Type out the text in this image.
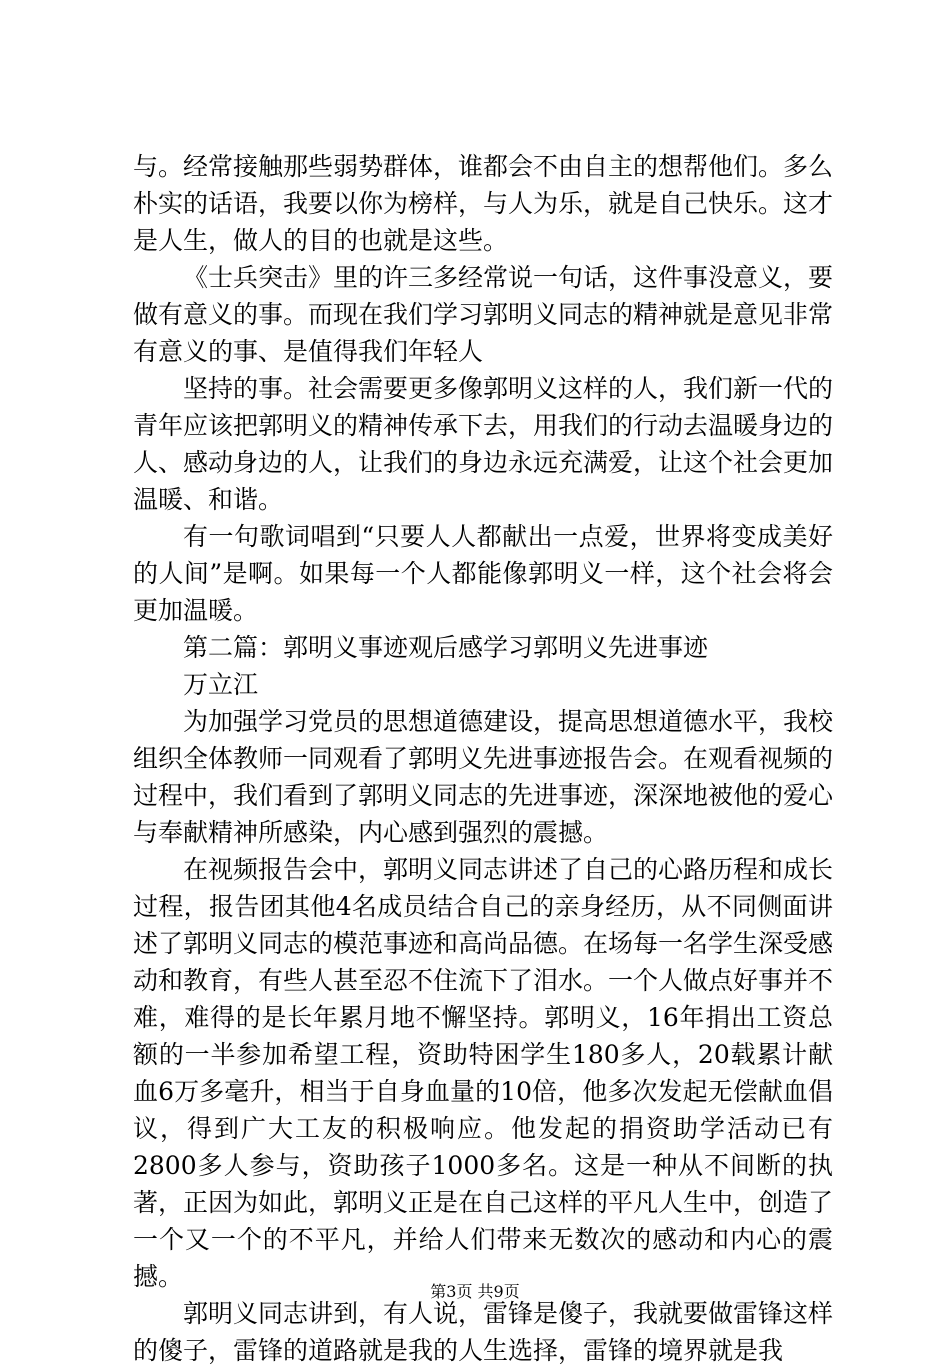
与。经常接触那些弱势群体，谁都会不由自主的想帮他们。多么朴实的话语，我要以你为榜样，与人为乐，就是自己快乐。这才是人生，做人的目的也就是这些。

《士兵突击》里的许三多经常说一句话，这件事没意义，要做有意义的事。而现在我们学习郭明义同志的精神就是意见非常有意义的事、是值得我们年轻人

坚持的事。社会需要更多像郭明义这样的人，我们新一代的青年应该把郭明义的精神传承下去，用我们的行动去温暖身边的人、感动身边的人，让我们的身边永远充满爱，让这个社会更加温暖、和谐。

有一句歌词唱到“只要人人都献出一点爱，世界将变成美好的人间”是啊。如果每一个人都能像郭明义一样，这个社会将会更加温暖。

第二篇：郭明义事迹观后感学习郭明义先进事迹

万立江

为加强学习党员的思想道德建设，提高思想道德水平，我校组织全体教师一同观看了郭明义先进事迹报告会。在观看视频的过程中，我们看到了郭明义同志的先进事迹，深深地被他的爱心与奉献精神所感染，内心感到强烈的震撼。

在视频报告会中，郭明义同志讲述了自己的心路历程和成长过程，报告团其他4名成员结合自己的亲身经历，从不同侧面讲述了郭明义同志的模范事迹和高尚品德。在场每一名学生深受感动和教育，有些人甚至忍不住流下了泪水。一个人做点好事并不难，难得的是长年累月地不懈坚持。郭明义，16年捐出工资总额的一半参加希望工程，资助特困学生180多人，20载累计献血6万多毫升，相当于自身血量的10倍，他多次发起无偿献血倡议，得到广大工友的积极响应。他发起的捐资助学活动已有2800多人参与，资助孩子1000多名。这是一种从不间断的执著，正因为如此，郭明义正是在自己这样的平凡人生中，创造了一个又一个的不平凡，并给人们带来无数次的感动和内心的震撼。

郭明义同志讲到，有人说，雷锋是傻子，我就要做雷锋这样的傻子，雷锋的道路就是我的人生选择，雷锋的境界就是我

第3页 共9页
